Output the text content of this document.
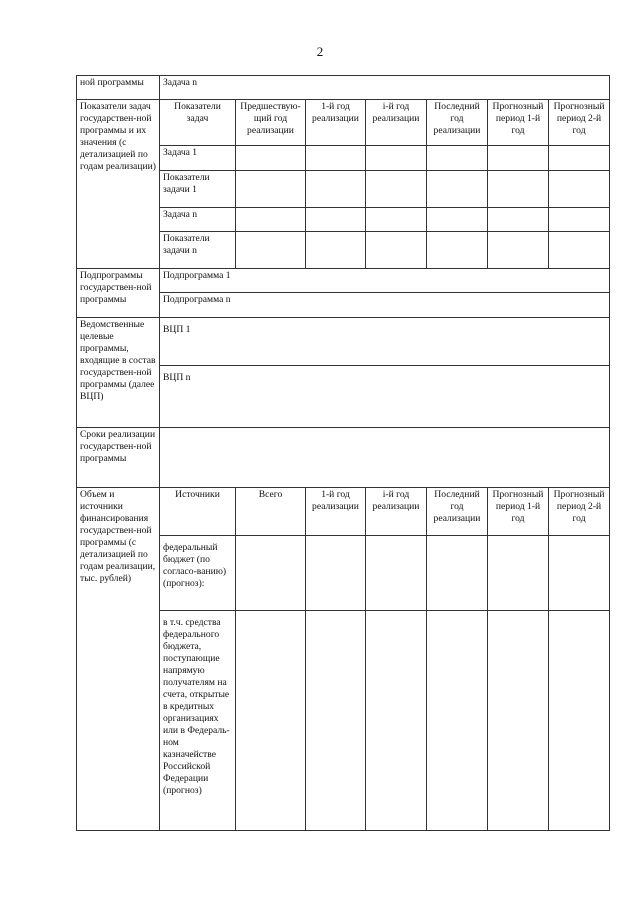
2
ной программы	Задача n						
Показатели задач государствен-ной программы и их значения (с детализацией по годам реализации)	Показатели задач	Предшествую-щий год реализации	1-й год реализации	i-й год реализации	Последний год реализации	Прогнозный период 1-й год	Прогнозный период 2-й год
	Задача 1						
	Показатели задачи 1						
	Задача n						
	Показатели задачи n						
Подпрограммы государствен-ной программы	Подпрограмма 1						
	Подпрограмма n						
Ведомственные целевые программы, входящие в состав государствен-ной программы (далее ВЦП)	ВЦП 1						
	ВЦП n						
Сроки реализации государствен-ной программы							
Объем и источники финансирования государствен-ной программы (с детализацией по годам реализации, тыс. рублей)	Источники	Всего	1-й год реализации	i-й год реализации	Последний год реализации	Прогнозный период 1-й год	Прогнозный период 2-й год
	федеральный бюджет (по согласо-ванию) (прогноз):						
	в т.ч. средства федерального бюджета, поступающие напрямую получателям на счета, открытые в кредитных организациях или в Федераль-ном казначействе Российской Федерации (прогноз)						
